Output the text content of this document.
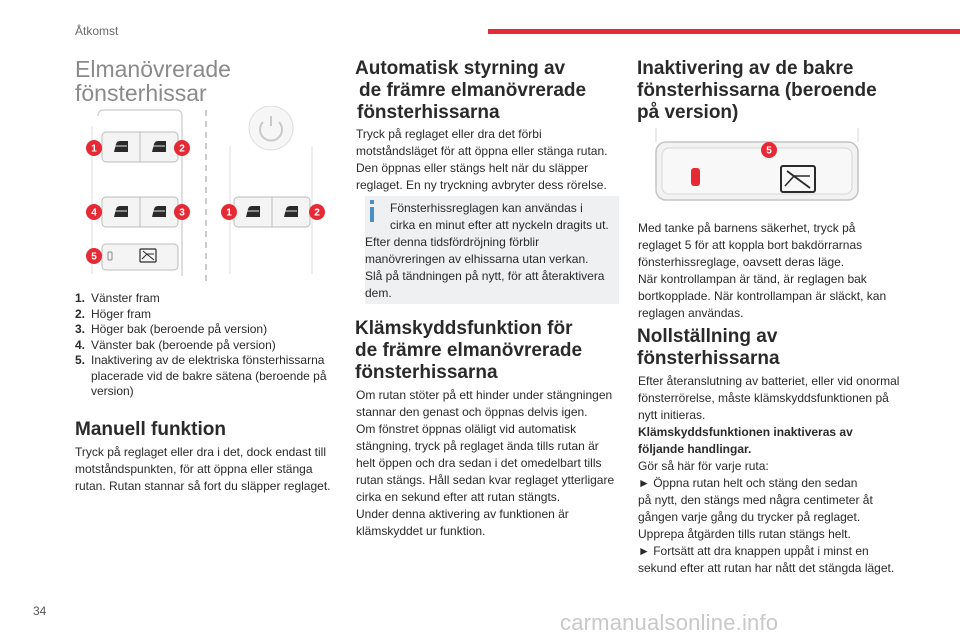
Åtkomst
Elmanövrerade
fönsterhissar
1	2
4	3
5
1	2
1. Vänster fram
2. Höger fram
3. Höger bak (beroende på version)
4. Vänster bak (beroende på version)
5. Inaktivering av de elektriska fönsterhissarna
placerade vid de bakre sätena (beroende på
version)
Manuell funktion
Tryck på reglaget eller dra i det, dock endast till
motståndspunkten, för att öppna eller stänga
rutan. Rutan stannar så fort du släpper reglaget.
Automatisk styrning av
de främre elmanövrerade
fönsterhissarna
Tryck på reglaget eller dra det förbi
motståndsläget för att öppna eller stänga rutan.
Den öppnas eller stängs helt när du släpper
reglaget. En ny tryckning avbryter dess rörelse.
Fönsterhissreglagen kan användas i
cirka en minut efter att nyckeln dragits ut.
Efter denna tidsfördröjning förblir
manövreringen av elhissarna utan verkan.
Slå på tändningen på nytt, för att återaktivera
dem.
Klämskyddsfunktion för
de främre elmanövrerade
fönsterhissarna
Om rutan stöter på ett hinder under stängningen
stannar den genast och öppnas delvis igen.
Om fönstret öppnas oläligt vid automatisk
stängning, tryck på reglaget ända tills rutan är
helt öppen och dra sedan i det omedelbart tills
rutan stängs. Håll sedan kvar reglaget ytterligare
cirka en sekund efter att rutan stängts.
Under denna aktivering av funktionen är
klämskyddet ur funktion.
Inaktivering av de bakre
fönsterhissarna (beroende
på version)
5
Med tanke på barnens säkerhet, tryck på
reglaget 5 för att koppla bort bakdörrarnas
fönsterhissreglage, oavsett deras läge.
När kontrollampan är tänd, är reglagen bak
bortkopplade. När kontrollampan är släckt, kan
reglagen användas.
Nollställning av
fönsterhissarna
Efter återanslutning av batteriet, eller vid onormal
fönsterrörelse, måste klämskyddsfunktionen på
nytt initieras.
Klämskyddsfunktionen inaktiveras av
följande handlingar.
Gör så här för varje ruta:
► Öppna rutan helt och stäng den sedan
på nytt, den stängs med några centimeter åt
gången varje gång du trycker på reglaget.
Upprepa åtgärden tills rutan stängs helt.
► Fortsätt att dra knappen uppåt i minst en
sekund efter att rutan har nått det stängda läget.
34	carmanualsonline.info
